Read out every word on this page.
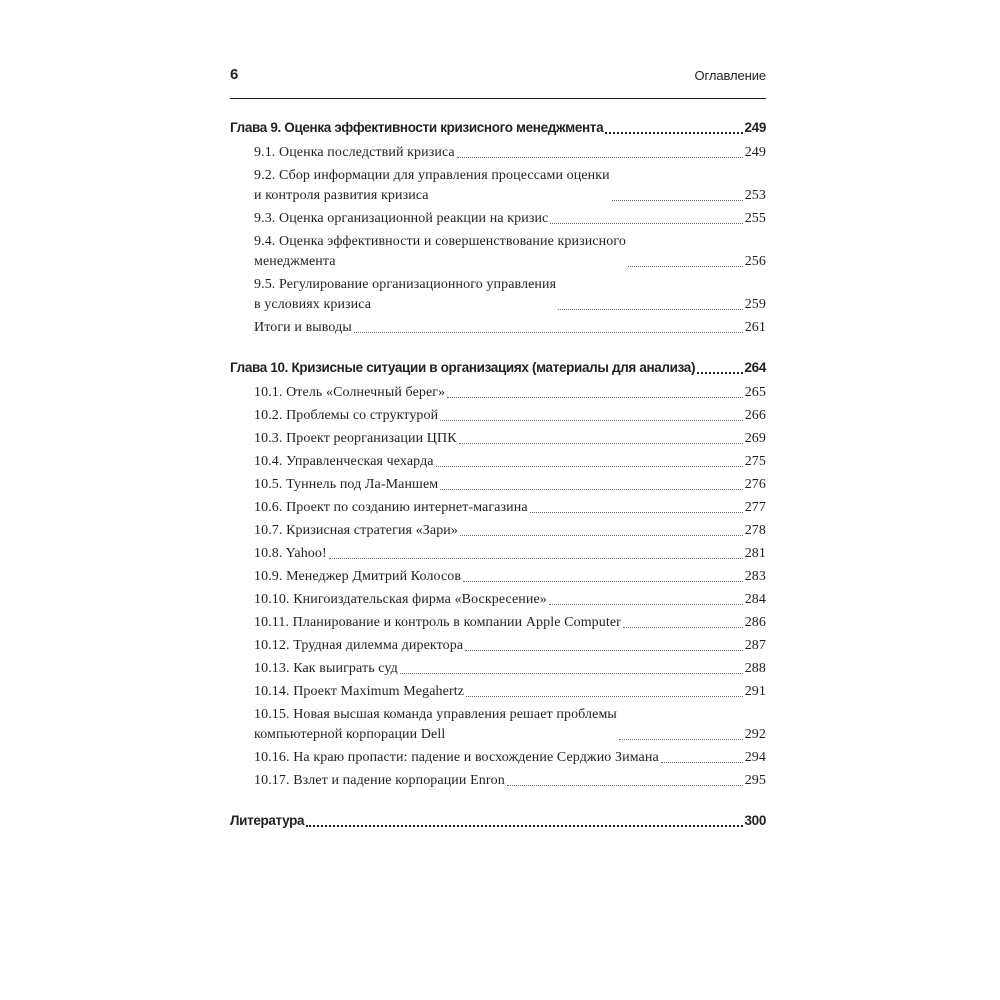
6	Оглавление
Глава 9. Оценка эффективности кризисного менеджмента	249
9.1. Оценка последствий кризиса	249
9.2. Сбор информации для управления процессами оценки
и контроля развития кризиса	253
9.3. Оценка организационной реакции на кризис	255
9.4. Оценка эффективности и совершенствование кризисного
менеджмента	256
9.5. Регулирование организационного управления
в условиях кризиса	259
Итоги и выводы	261
Глава 10. Кризисные ситуации в организациях (материалы для анализа)	264
10.1. Отель «Солнечный берег»	265
10.2. Проблемы со структурой	266
10.3. Проект реорганизации ЦПК	269
10.4. Управленческая чехарда	275
10.5. Туннель под Ла-Маншем	276
10.6. Проект по созданию интернет-магазина	277
10.7. Кризисная стратегия «Зари»	278
10.8. Yahoo!	281
10.9. Менеджер Дмитрий Колосов	283
10.10. Книгоиздательская фирма «Воскресение»	284
10.11. Планирование и контроль в компании Apple Computer	286
10.12. Трудная дилемма директора	287
10.13. Как выиграть суд	288
10.14. Проект Maximum Megahertz	291
10.15. Новая высшая команда управления решает проблемы
компьютерной корпорации Dell	292
10.16. На краю пропасти: падение и восхождение Серджио Зимана	294
10.17. Взлет и падение корпорации Enron	295
Литература	300
